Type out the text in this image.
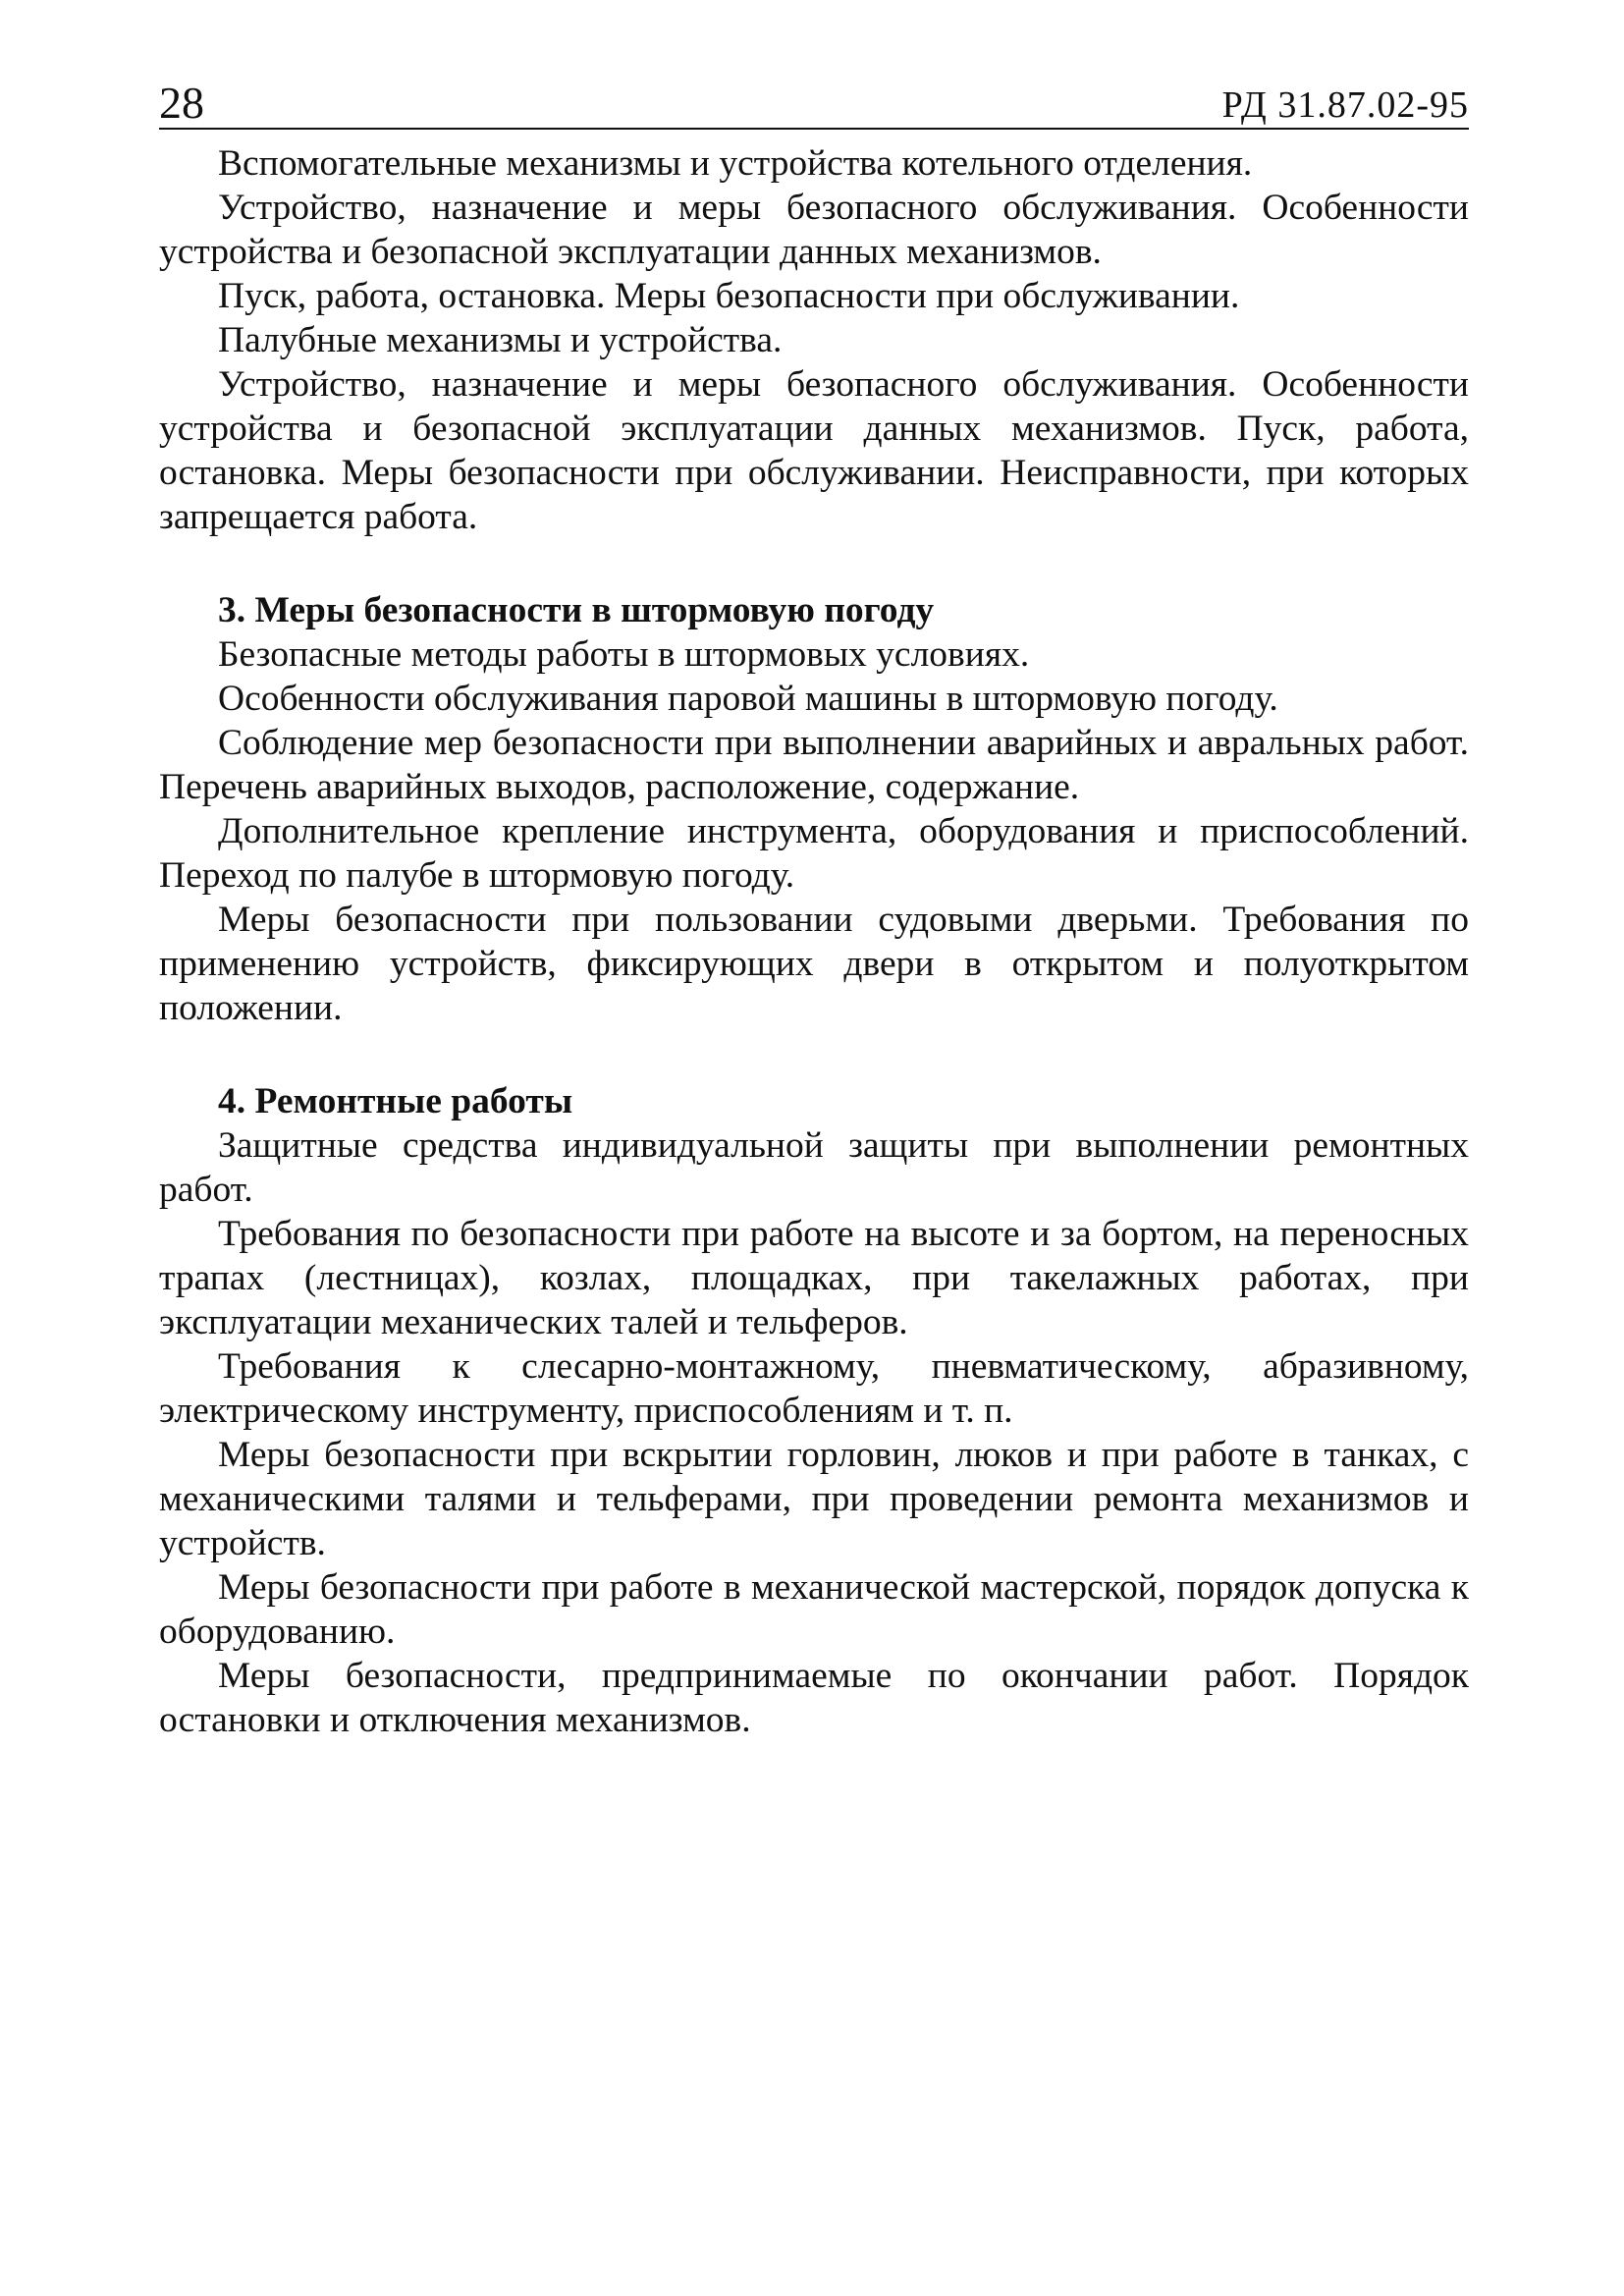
28	РД 31.87.02-95

Вспомогательные механизмы и устройства котельного отделения.

Устройство, назначение и меры безопасного обслуживания. Особенности устройства и безопасной эксплуатации данных механизмов.

Пуск, работа, остановка. Меры безопасности при обслуживании.

Палубные механизмы и устройства.

Устройство, назначение и меры безопасного обслуживания. Особенности устройства и безопасной эксплуатации данных механизмов. Пуск, работа, остановка. Меры безопасности при обслуживании. Неисправности, при которых запрещается работа.

3. Меры безопасности в штормовую погоду

Безопасные методы работы в штормовых условиях.

Особенности обслуживания паровой машины в штормовую погоду.

Соблюдение мер безопасности при выполнении аварийных и авральных работ. Перечень аварийных выходов, расположение, содержание.

Дополнительное крепление инструмента, оборудования и приспособлений. Переход по палубе в штормовую погоду.

Меры безопасности при пользовании судовыми дверьми. Требования по применению устройств, фиксирующих двери в открытом и полуоткрытом положении.

4. Ремонтные работы

Защитные средства индивидуальной защиты при выполнении ремонтных работ.

Требования по безопасности при работе на высоте и за бортом, на переносных трапах (лестницах), козлах, площадках, при такелажных работах, при эксплуатации механических талей и тельферов.

Требования к слесарно-монтажному, пневматическому, абразивному, электрическому инструменту, приспособлениям и т. п.

Меры безопасности при вскрытии горловин, люков и при работе в танках, с механическими талями и тельферами, при проведении ремонта механизмов и устройств.

Меры безопасности при работе в механической мастерской, порядок допуска к оборудованию.

Меры безопасности, предпринимаемые по окончании работ. Порядок остановки и отключения механизмов.
